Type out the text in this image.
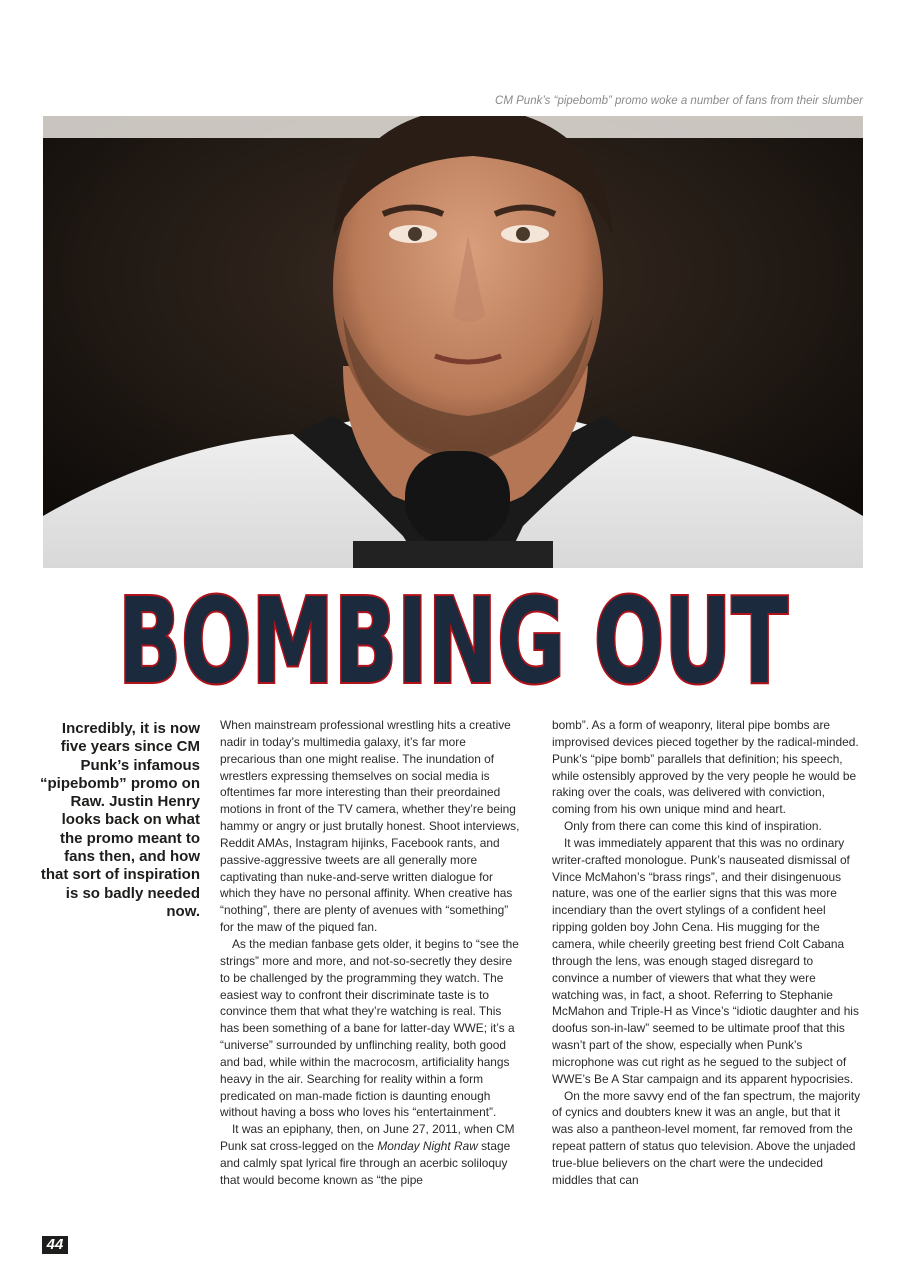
CM Punk’s “pipebomb” promo woke a number of fans from their slumber
BOMBING OUT
Incredibly, it is now five years since CM Punk’s infamous “pipebomb” promo on Raw. Justin Henry looks back on what the promo meant to fans then, and how that sort of inspiration is so badly needed now.

When mainstream professional wrestling hits a creative nadir in today’s multimedia galaxy, it’s far more precarious than one might realise. The inundation of wrestlers expressing themselves on social media is oftentimes far more interesting than their preordained motions in front of the TV camera, whether they’re being hammy or angry or just brutally honest. Shoot interviews, Reddit AMAs, Instagram hijinks, Facebook rants, and passive-aggressive tweets are all generally more captivating than nuke-and-serve written dialogue for which they have no personal affinity. When creative has “nothing”, there are plenty of avenues with “something” for the maw of the piqued fan.

As the median fanbase gets older, it begins to “see the strings” more and more, and not-so-secretly they desire to be challenged by the programming they watch. The easiest way to confront their discriminate taste is to convince them that what they’re watching is real. This has been something of a bane for latter-day WWE; it’s a “universe” surrounded by unflinching reality, both good and bad, while within the macrocosm, artificiality hangs heavy in the air. Searching for reality within a form predicated on man-made fiction is daunting enough without having a boss who loves his “entertainment”.

It was an epiphany, then, on June 27, 2011, when CM Punk sat cross-legged on the Monday Night Raw stage and calmly spat lyrical fire through an acerbic soliloquy that would become known as “the pipe

bomb”. As a form of weaponry, literal pipe bombs are improvised devices pieced together by the radical-minded. Punk’s “pipe bomb” parallels that definition; his speech, while ostensibly approved by the very people he would be raking over the coals, was delivered with conviction, coming from his own unique mind and heart.

Only from there can come this kind of inspiration.

It was immediately apparent that this was no ordinary writer-crafted monologue. Punk’s nauseated dismissal of Vince McMahon’s “brass rings”, and their disingenuous nature, was one of the earlier signs that this was more incendiary than the overt stylings of a confident heel ripping golden boy John Cena. His mugging for the camera, while cheerily greeting best friend Colt Cabana through the lens, was enough staged disregard to convince a number of viewers that what they were watching was, in fact, a shoot. Referring to Stephanie McMahon and Triple-H as Vince’s “idiotic daughter and his doofus son-in-law” seemed to be ultimate proof that this wasn’t part of the show, especially when Punk’s microphone was cut right as he segued to the subject of WWE’s Be A Star campaign and its apparent hypocrisies.

On the more savvy end of the fan spectrum, the majority of cynics and doubters knew it was an angle, but that it was also a pantheon-level moment, far removed from the repeat pattern of status quo television. Above the unjaded true-blue believers on the chart were the undecided middles that can

44
